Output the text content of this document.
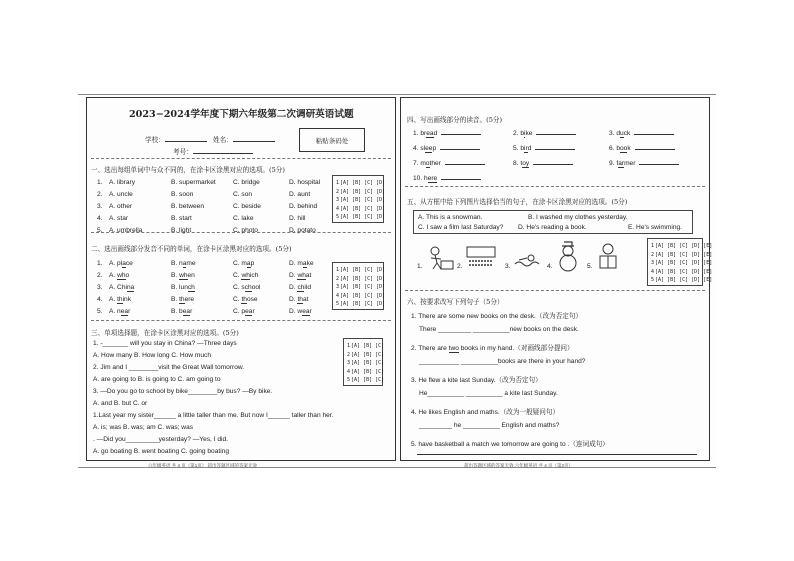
2023−2024学年度下期六年级第二次调研英语试题
学校：	姓名：
考号：
粘贴条码处
一、选出每组单词中与众不同的，在涂卡区涂黑对应的选项。(5分)
1 [A] [B] [C] [D]
2 [A] [B] [C] [D]
3 [A] [B] [C] [D]
4 [A] [B] [C] [D]
5 [A] [B] [C] [D]
二、选出画线部分发音不同的单词，在涂卡区涂黑对应的选项。(5分)
1 [A] [B] [C] [D]
2 [A] [B] [C] [D]
3 [A] [B] [C] [D]
4 [A] [B] [C] [D]
5 [A] [B] [C] [D]
三、单项选择题，在涂卡区涂黑对应的选项。(5分)
1 [A] [B] [C]
2 [A] [B] [C]
3 [A] [B] [C]
4 [A] [B] [C]
5 [A] [B] [C]
1. A. library	B. supermarket	C. bridge	D. hospital
2. A. uncle	B. soon	C. son	D. aunt
3. A. other	B. between	C. beside	D. behind
4. A. star	B. start	C. lake	D. hill
5. A. umbrella	B. light	C. photo	D. potato
1. A. place	B. name	C. map	D. make
2. A. who	B. when	C. which	D. what
3. A. China	B. lunch	C. school	D. child
4. A. think	B. there	C. those	D. that
5. A. near	B. bear	C. pear	D. wear
1. -_______ will you stay in China? —Three days
A. How many B. How long C. How much
2. Jim and I ________visit the Great Wall tomorrow.
A. are going to B. is going to C. am going to
3. —Do you go to school by bike________by bus? —By bike.
A. and B. but C. or
1.Last year my sister______ a little taller than me. But now I______ taller than her.
A. is; was B. was; am C. was; was
. —Did you_________yesterday? —Yes, I did.
A. go boating B. went boating C. going boating
六年级英语 共 4 页（第1页） 超出答题区域的答案无效
四、写出画线部分的读音。(5分)
五、从方框中给下列图片选择恰当的句子，在涂卡区涂黑对应的选项。(5分)
A. This is a snowman.	B. I washed my clothes yesterday.
C. I saw a film last Saturday? D. He's reading a book.	E. He's swimming.
1.	2.	3.	4.	5.
1 [A] [B] [C] [D] [E]
2 [A] [B] [C] [D] [E]
3 [A] [B] [C] [D] [E]
4 [A] [B] [C] [D] [E]
5 [A] [B] [C] [D] [E]
六、按要求改写下列句子（5分）
1. There are some new books on the desk.（改为否定句）
There _________ __________new books on the desk.
2. There are two books in my hand.（对画线部分提问）
___________ __________books are there in your hand?
3. He flew a kite last Sunday.（改为否定句）
He__________ __________ a kite last Sunday.
4. He likes English and maths.（改为一般疑问句）
_________ he __________ English and maths?
5. have basketball a match we tomorrow are going to .（连词成句）
1. bread	2. bike	3. duck
4. sleep	5. bird	6. book
7. mother	8. toy	9. farmer
10. here
超出答题区域的答案无效 六年级英语 共 4 页（第2页）
